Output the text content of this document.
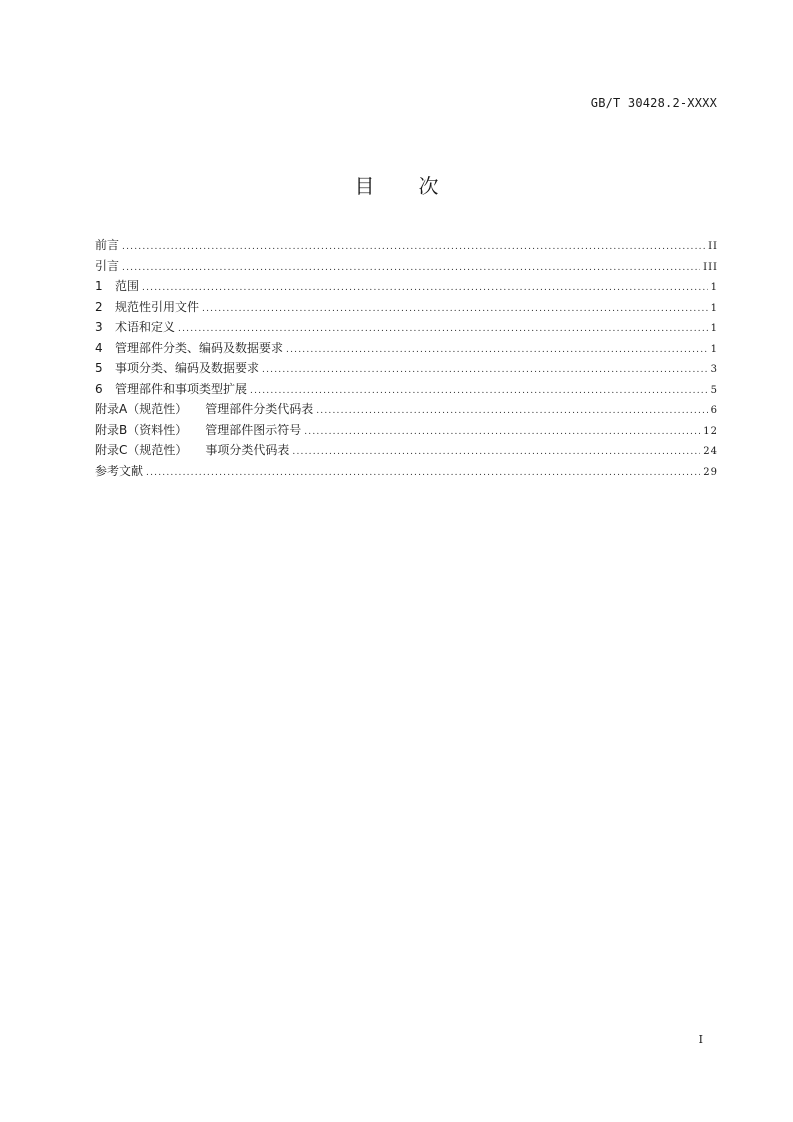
GB/T 30428.2-XXXX
目次
前言 .....	II
引言 .....	III
1 范围 .....	1
2 规范性引用文件 .....	1
3 术语和定义 .....	1
4 管理部件分类、编码及数据要求 .....	1
5 事项分类、编码及数据要求 .....	3
6 管理部件和事项类型扩展 .....	5
附录A（规范性） 管理部件分类代码表 .....	6
附录B（资料性） 管理部件图示符号 .....	12
附录C（规范性） 事项分类代码表 .....	24
参考文献 .....	29
I
